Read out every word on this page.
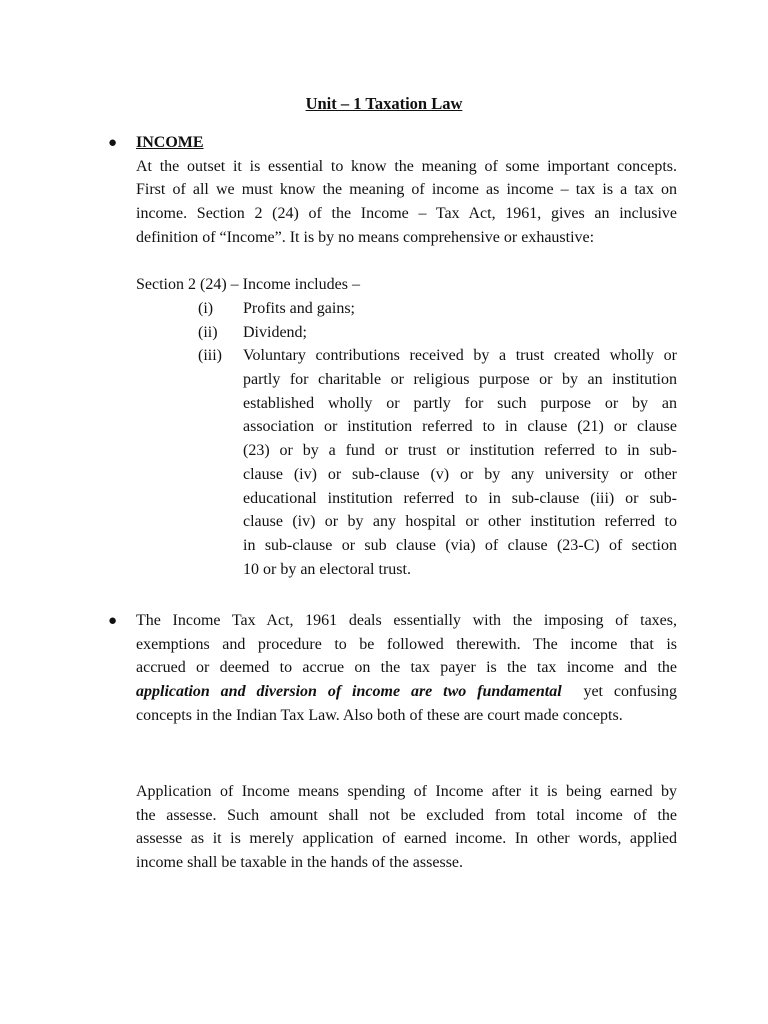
Unit – 1 Taxation Law
● INCOME
At the outset it is essential to know the meaning of some important concepts.
First of all we must know the meaning of income as income – tax is a tax on
income. Section 2 (24) of the Income – Tax Act, 1961, gives an inclusive
definition of “Income”. It is by no means comprehensive or exhaustive:
Section 2 (24) – Income includes –
(i) Profits and gains;
(ii) Dividend;
(iii) Voluntary contributions received by a trust created wholly or
partly for charitable or religious purpose or by an institution
established wholly or partly for such purpose or by an
association or institution referred to in clause (21) or clause
(23) or by a fund or trust or institution referred to in sub-
clause (iv) or sub-clause (v) or by any university or other
educational institution referred to in sub-clause (iii) or sub-
clause (iv) or by any hospital or other institution referred to
in sub-clause or sub clause (via) of clause (23-C) of section
10 or by an electoral trust.
● The Income Tax Act, 1961 deals essentially with the imposing of taxes,
exemptions and procedure to be followed therewith. The income that is
accrued or deemed to accrue on the tax payer is the tax income and the
application and diversion of income are two fundamental yet confusing
concepts in the Indian Tax Law. Also both of these are court made concepts.
Application of Income means spending of Income after it is being earned by
the assesse. Such amount shall not be excluded from total income of the
assesse as it is merely application of earned income. In other words, applied
income shall be taxable in the hands of the assesse.
